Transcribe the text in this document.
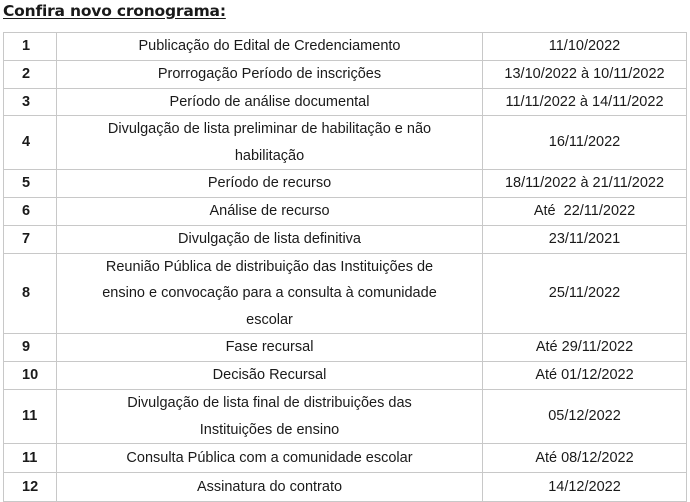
Confira novo cronograma:
1	Publicação do Edital de Credenciamento	11/10/2022
2	Prorrogação Período de inscrições	13/10/2022 à 10/11/2022
3	Período de análise documental	11/11/2022 à 14/11/2022
4	Divulgação de lista preliminar de habilitação e não habilitação	16/11/2022
5	Período de recurso	18/11/2022 à 21/11/2022
6	Análise de recurso	Até  22/11/2022
7	Divulgação de lista definitiva	23/11/2021
8	Reunião Pública de distribuição das Instituições de ensino e convocação para a consulta à comunidade escolar	25/11/2022
9	Fase recursal	Até 29/11/2022
10	Decisão Recursal	Até 01/12/2022
11	Divulgação de lista final de distribuições das Instituições de ensino	05/12/2022
11	Consulta Pública com a comunidade escolar	Até 08/12/2022
12	Assinatura do contrato	14/12/2022
